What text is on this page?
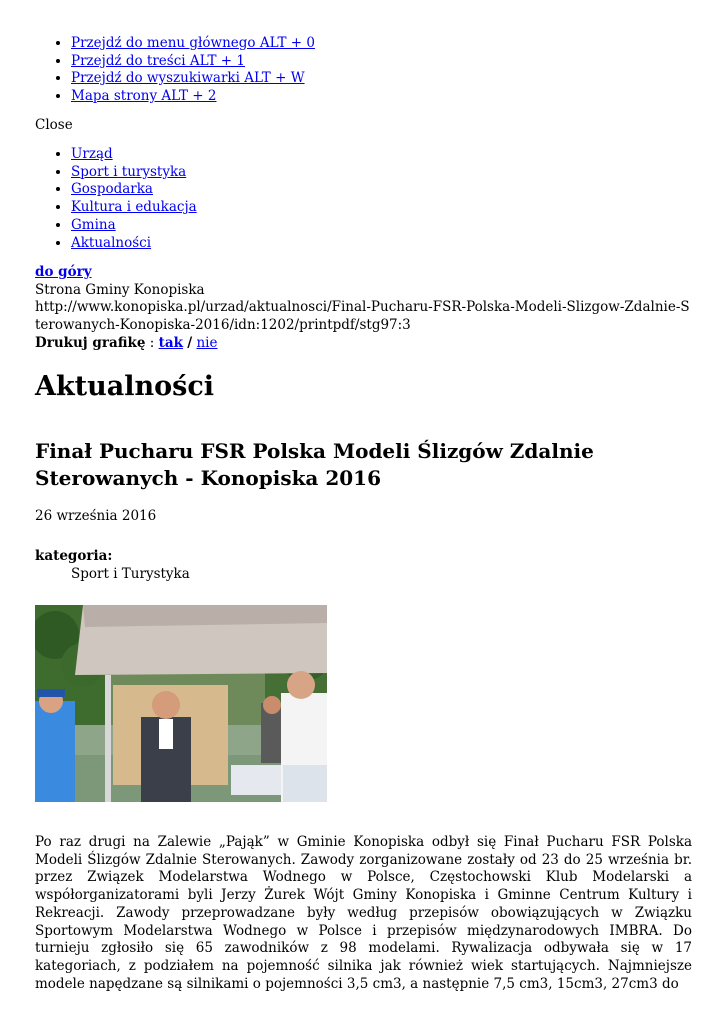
• Przejdź do menu głównego ALT + 0
• Przejdź do treści ALT + 1
• Przejdź do wyszukiwarki ALT + W
• Mapa strony ALT + 2
Close
• Urząd
• Sport i turystyka
• Gospodarka
• Kultura i edukacja
• Gmina
• Aktualności
do góry
Strona Gminy Konopiska
http://www.konopiska.pl/urzad/aktualnosci/Final-Pucharu-FSR-Polska-Modeli-Slizgow-Zdalnie-Sterowanych-Konopiska-2016/idn:1202/printpdf/stg97:3
Drukuj grafikę : tak / nie
Aktualności
Finał Pucharu FSR Polska Modeli Ślizgów Zdalnie Sterowanych - Konopiska 2016
26 września 2016
kategoria:
Sport i Turystyka

Po raz drugi na Zalewie „Pająk” w Gminie Konopiska odbył się Finał Pucharu FSR Polska Modeli Ślizgów Zdalnie Sterowanych. Zawody zorganizowane zostały od 23 do 25 września br. przez Związek Modelarstwa Wodnego w Polsce, Częstochowski Klub Modelarski a współorganizatorami byli Jerzy Żurek Wójt Gminy Konopiska i Gminne Centrum Kultury i Rekreacji. Zawody przeprowadzane były według przepisów obowiązujących w Związku Sportowym Modelarstwa Wodnego w Polsce i przepisów międzynarodowych IMBRA. Do turnieju zgłosiło się 65 zawodników z 98 modelami. Rywalizacja odbywała się w 17 kategoriach, z podziałem na pojemność silnika jak również wiek startujących. Najmniejsze modele napędzane są silnikami o pojemności 3,5 cm3, a następnie 7,5 cm3, 15cm3, 27cm3 do
